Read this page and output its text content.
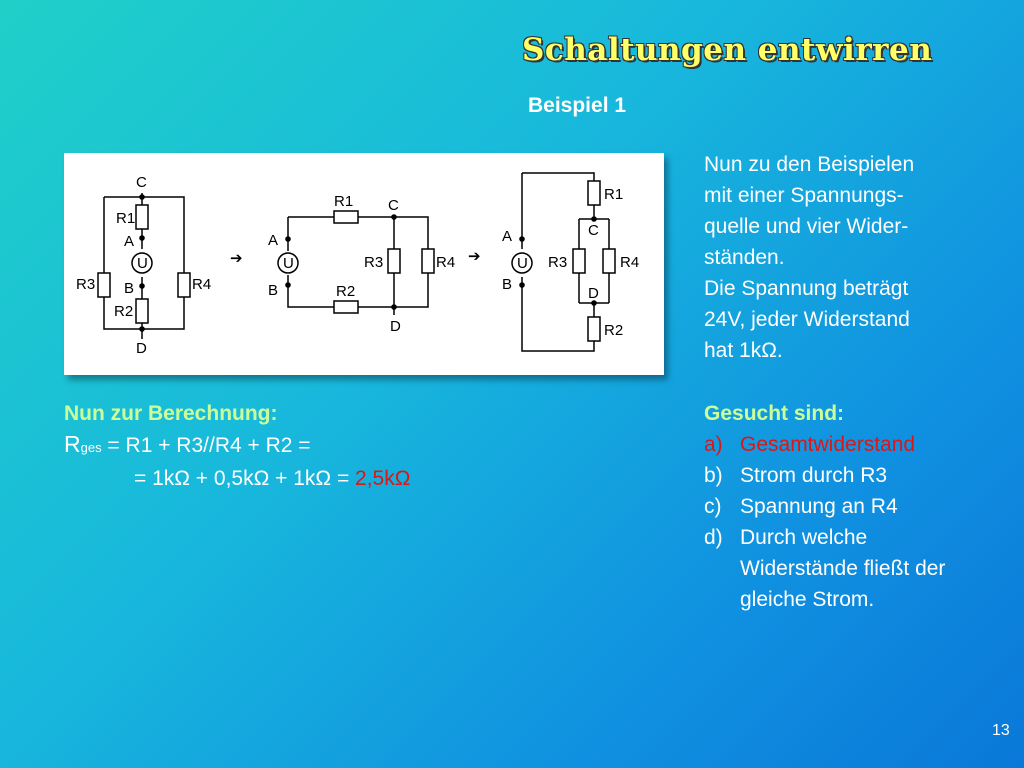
Schaltungen entwirren
Beispiel 1
C
R1
A
U
B
R2
R3	R4
D
➔
R1 C
A
U
B
R3	R4
R2
D
➔
R1
C
A
U
B
R3	R4
D
R2
Nun zu den Beispielen
mit einer Spannungs-
quelle und vier Wider-
ständen.
Die Spannung beträgt
24V, jeder Widerstand
hat 1kΩ.
Nun zur Berechnung:
Rges = R1 + R3//R4 + R2 =
= 1kΩ + 0,5kΩ + 1kΩ = 2,5kΩ
Gesucht sind:
a) Gesamtwiderstand
b) Strom durch R3
c) Spannung an R4
d) Durch welche Widerstände fließt der gleiche Strom.
13
